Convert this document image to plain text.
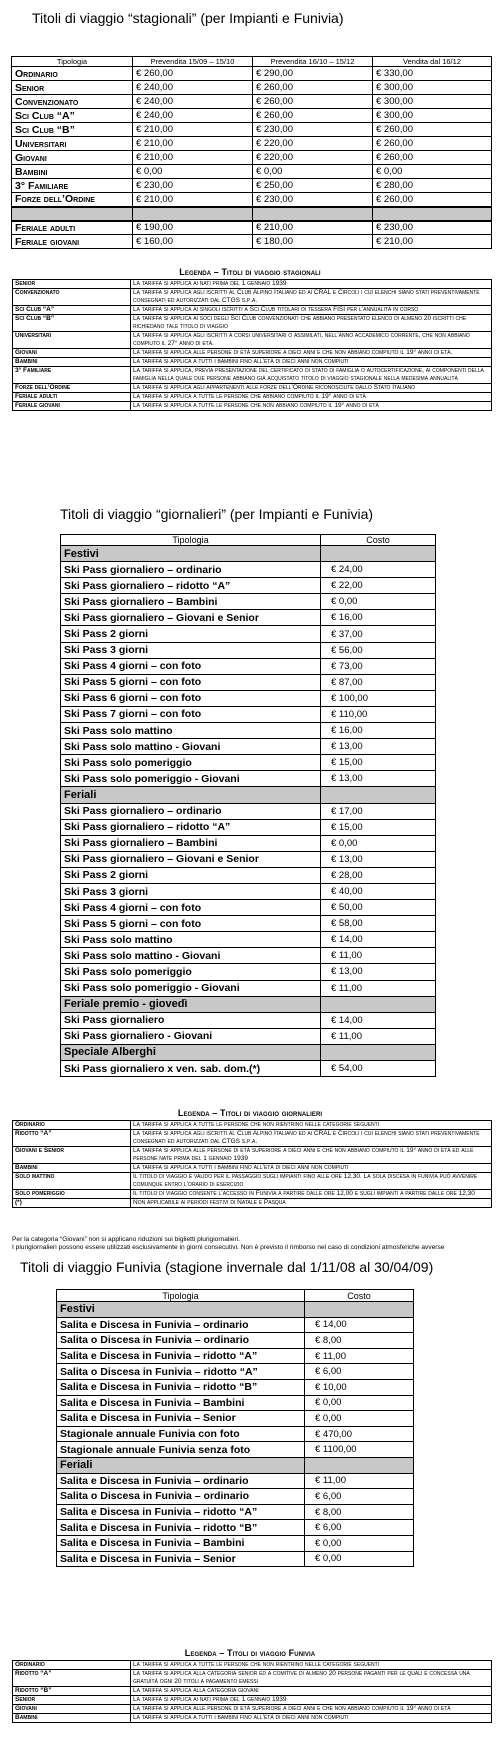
Titoli di viaggio “stagionali” (per Impianti e Funivia)
Tipologia	Prevendita 15/09 – 15/10	Prevendita 16/10 – 15/12	Vendita dal 16/12
Ordinario	€ 260,00	€ 290,00	€ 330,00
Senior	€ 240,00	€ 260,00	€ 300,00
Convenzionato	€ 240,00	€ 260,00	€ 300,00
Sci Club “A”	€ 240,00	€ 260,00	€ 300,00
Sci Club “B”	€ 210,00	€ 230,00	€ 260,00
Universitari	€ 210,00	€ 220,00	€ 260,00
Giovani	€ 210,00	€ 220,00	€ 260,00
Bambini	€ 0,00	€ 0,00	€ 0,00
3° Familiare	€ 230,00	€ 250,00	€ 280,00
Forze dell’Ordine	€ 210,00	€ 230,00	€ 260,00

Feriale adulti	€ 190,00	€ 210,00	€ 230,00
Feriale giovani	€ 160,00	€ 180,00	€ 210,00
Legenda – Titoli di viaggio stagionali
Senior	La tariffa si applica ai nati prima del 1 gennaio 1939
Convenzionato	La tariffa si applica agli iscritti al Club Alpino Italiano ed ai CRAL e Circoli i cui elenchi siano stati preventivamente consegnati ed autorizzati dal CTGS s.p.a.
Sci Club “A”	La tariffa si applica ai singoli iscritti a Sci Club titolari di tessera FISI per l’annualità in corso
Sci Club “B”	La tariffa si applica ai soci degli Sci Club convenzionati che abbiano presentato elenco di almeno 20 iscritti che richiedano tale titolo di viaggio
Universitari	La tariffa si applica agli iscritti a corsi universitari o assimilati, nell’anno accademico corrente, che non abbiano compiuto il 27° anno di età.
Giovani	La tariffa si applica alle persone di età superiore a dieci anni e che non abbiano compiuto il 19° anno di età.
Bambini	La tariffa si applica a tutti i bambini fino all’età di dieci anni non compiuti
3° Familiare	La tariffa si applica, previa presentazione del certificato di stato di famiglia o autocertificazione, ai componenti della famiglia nella quale due persone abbiano già acquistato titolo di viaggio stagionale nella medesima annualità
Forze dell’Ordine	La tariffa si applica agli appartenenti alle forze dell’Ordine riconosciute dallo Stato Italiano
Feriale adulti	La tariffa si applica a tutte le persone che abbiano compiuto il 19° anno di età
Feriale giovani	La tariffa si applica a tutte le persone che non abbiano compiuto il 19° anno di età
Titoli di viaggio “giornalieri” (per Impianti e Funivia)
Tipologia	Costo
Festivi	
Ski Pass giornaliero – ordinario	€ 24,00
Ski Pass giornaliero – ridotto “A”	€ 22,00
Ski Pass giornaliero – Bambini	€ 0,00
Ski Pass giornaliero – Giovani e Senior	€ 16,00
Ski Pass 2 giorni	€ 37,00
Ski Pass 3 giorni	€ 56,00
Ski Pass 4 giorni – con foto	€ 73,00
Ski Pass 5 giorni – con foto	€ 87,00
Ski Pass 6 giorni – con foto	€ 100,00
Ski Pass 7 giorni – con foto	€ 110,00
Ski Pass solo mattino	€ 16,00
Ski Pass solo mattino - Giovani	€ 13,00
Ski Pass solo pomeriggio	€ 15,00
Ski Pass solo pomeriggio - Giovani	€ 13,00
Feriali	
Ski Pass giornaliero – ordinario	€ 17,00
Ski Pass giornaliero – ridotto “A”	€ 15,00
Ski Pass giornaliero – Bambini	€ 0,00
Ski Pass giornaliero – Giovani e Senior	€ 13,00
Ski Pass 2 giorni	€ 28,00
Ski Pass 3 giorni	€ 40,00
Ski Pass 4 giorni – con foto	€ 50,00
Ski Pass 5 giorni – con foto	€ 58,00
Ski Pass solo mattino	€ 14,00
Ski Pass solo mattino - Giovani	€ 11,00
Ski Pass solo pomeriggio	€ 13,00
Ski Pass solo pomeriggio - Giovani	€ 11,00
Feriale premio - giovedì	
Ski Pass giornaliero	€ 14,00
Ski Pass giornaliero - Giovani	€ 11,00
Speciale Alberghi	
Ski Pass giornaliero x ven. sab. dom.(*)	€ 54,00
Legenda – Titoli di viaggio giornalieri
Ordinario	La tariffa si applica a tutte le persone che non rientrino nelle categorie seguenti
Ridotto “A”	La tariffa si applica agli iscritti al Club Alpino Italiano ed ai CRAL e Circoli i cui elenchi siano stati preventivamente consegnati ed autorizzati dal CTGS s.p.a.
Giovani e Senior	La tariffa si applica alle persone di età superiore a dieci anni e che non abbiano compiuto il 19° anno di età ed alle persone nate prima del 1 gennaio 1939
Bambini	La tariffa si applica a tutti i bambini fino all’età di dieci anni non compiuti
Solo mattino	Il titolo di viaggio è valido per il passaggio sugli impianti fino alle ore 12,30. La sola discesa in funivia può avvenire comunque entro l’orario di esercizio
Solo pomeriggio	Il titolo di viaggio consente l’accesso in Funivia a partire dalle ore 12,00 e sugli impianti a partire dalle ore 12,30
(*)	Non applicabile ai periodi festivi di Natale e Pasqua
Per la categoria “Giovani” non si applicano riduzioni sui biglietti plurigiornalieri.
I plurigiornalieri possono essere utilizzati esclusivamente in giorni consecutivi. Non è previsto il rimborso nel caso di condizioni atmosferiche avverse
Titoli di viaggio Funivia (stagione invernale dal 1/11/08 al 30/04/09)
Tipologia	Costo
Festivi	
Salita e Discesa in Funivia – ordinario	€ 14,00
Salita o Discesa in Funivia – ordinario	€ 8,00
Salita e Discesa in Funivia – ridotto “A”	€ 11,00
Salita o Discesa in Funivia – ridotto “A”	€ 6,00
Salita e Discesa in Funivia – ridotto “B”	€ 10,00
Salita e Discesa in Funivia – Bambini	€ 0,00
Salita e Discesa in Funivia – Senior	€ 0,00
Stagionale annuale Funivia con foto	€ 470,00
Stagionale annuale Funivia senza foto	€ 1100,00
Feriali	
Salita e Discesa in Funivia – ordinario	€ 11,00
Salita o Discesa in Funivia – ordinario	€ 6,00
Salita e Discesa in Funivia – ridotto “A”	€ 8,00
Salita e Discesa in Funivia – ridotto “B”	€ 6,00
Salita e Discesa in Funivia – Bambini	€ 0,00
Salita e Discesa in Funivia – Senior	€ 0,00
Legenda – Titoli di viaggio Funivia
Ordinario	La tariffa si applica a tutte le persone che non rientrino nelle categorie seguenti
Ridotto “A”	La tariffa si applica alla categoria senior ed a comitive di almeno 20 persone paganti per le quali è concessa una gratuità ogni 20 titoli a pagamento emessi
Ridotto “B”	La tariffa si applica alla categoria giovani
Senior	La tariffa si applica ai nati prima del 1 gennaio 1939
Giovani	La tariffa si applica alle persone di età superiore a dieci anni e che non abbiano compiuto il 19° anno di età
Bambini	La tariffa si applica a tutti i bambini fino all’età di dieci anni non compiuti
